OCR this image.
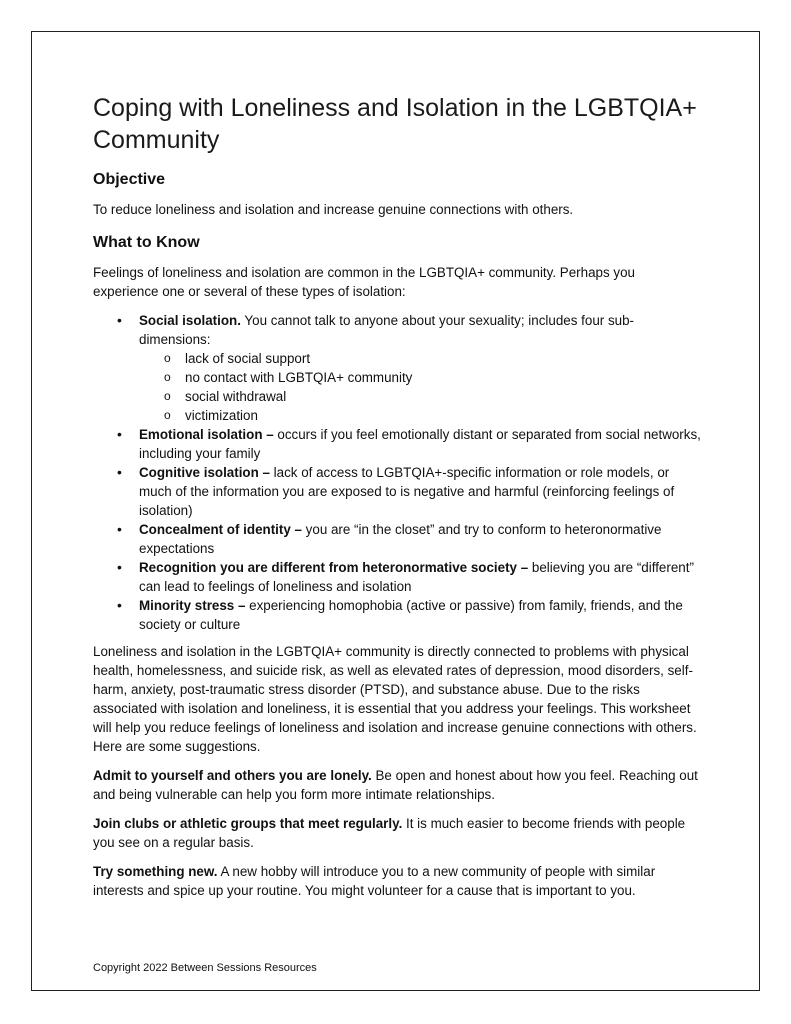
Coping with Loneliness and Isolation in the LGBTQIA+ Community
Objective

To reduce loneliness and isolation and increase genuine connections with others.

What to Know

Feelings of loneliness and isolation are common in the LGBTQIA+ community. Perhaps you experience one or several of these types of isolation:

• Social isolation. You cannot talk to anyone about your sexuality; includes four sub-dimensions:
o lack of social support
o no contact with LGBTQIA+ community
o social withdrawal
o victimization
• Emotional isolation – occurs if you feel emotionally distant or separated from social networks, including your family
• Cognitive isolation – lack of access to LGBTQIA+-specific information or role models, or much of the information you are exposed to is negative and harmful (reinforcing feelings of isolation)
• Concealment of identity – you are “in the closet” and try to conform to heteronormative expectations
• Recognition you are different from heteronormative society – believing you are “different” can lead to feelings of loneliness and isolation
• Minority stress – experiencing homophobia (active or passive) from family, friends, and the society or culture

Loneliness and isolation in the LGBTQIA+ community is directly connected to problems with physical health, homelessness, and suicide risk, as well as elevated rates of depression, mood disorders, self-harm, anxiety, post-traumatic stress disorder (PTSD), and substance abuse. Due to the risks associated with isolation and loneliness, it is essential that you address your feelings. This worksheet will help you reduce feelings of loneliness and isolation and increase genuine connections with others. Here are some suggestions.

Admit to yourself and others you are lonely. Be open and honest about how you feel. Reaching out and being vulnerable can help you form more intimate relationships.

Join clubs or athletic groups that meet regularly. It is much easier to become friends with people you see on a regular basis.

Try something new. A new hobby will introduce you to a new community of people with similar interests and spice up your routine. You might volunteer for a cause that is important to you.

Copyright 2022 Between Sessions Resources
